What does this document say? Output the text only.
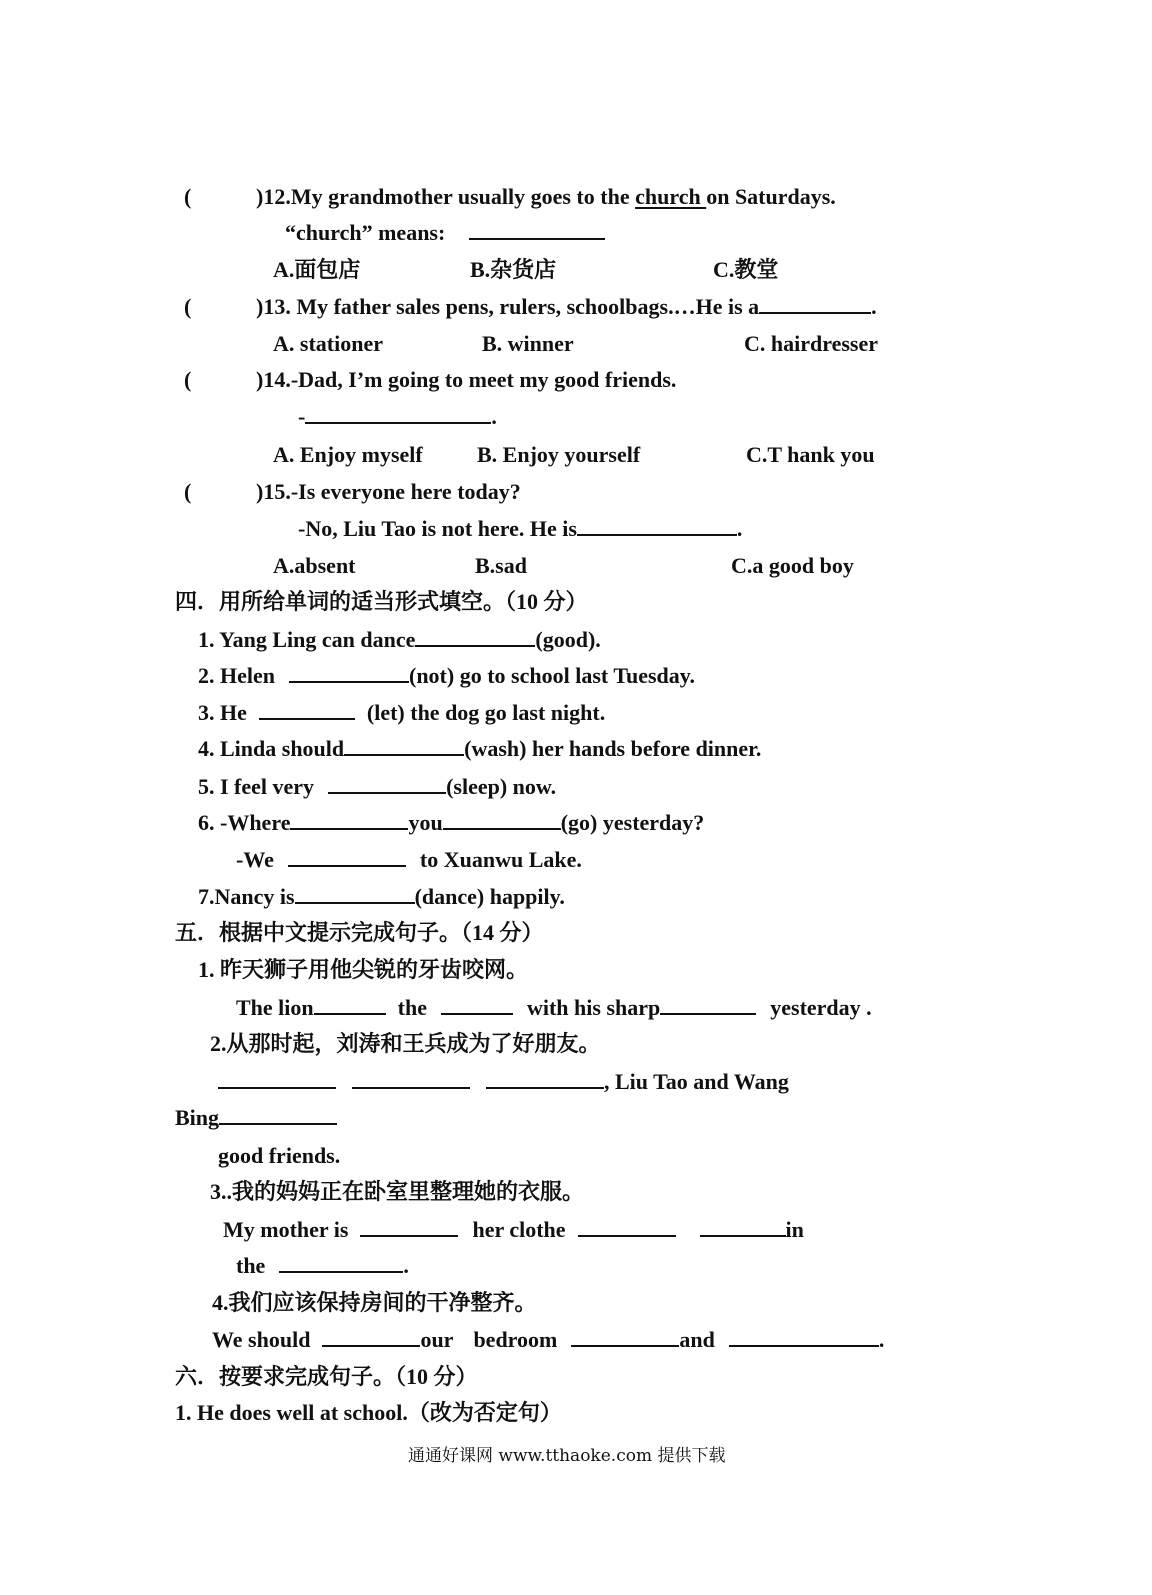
(	)12.My grandmother usually goes to the church on Saturdays.
“church” means:
A.面包店	B.杂货店	C.教堂
(	)13. My father sales pens, rulers, schoolbags.…He is a	.
A. stationer	B. winner	C. hairdresser
(	)14.-Dad, I’m going to meet my good friends.
-	.
A. Enjoy myself B. Enjoy yourself	C.T hank you
(	)15.-Is everyone here today?
-No, Liu Tao is not here. He is	.
A.absent	B.sad	C.a good boy
四．用所给单词的适当形式填空。（10 分）
1. Yang Ling can dance	(good).
2. Helen	(not) go to school last Tuesday.
3. He	(let) the dog go last night.
4. Linda should	(wash) her hands before dinner.
5. I feel very	(sleep) now.
6. -Where	you	(go) yesterday?
-We	to Xuanwu Lake.
7.Nancy is	(dance) happily.
五．根据中文提示完成句子。（14 分）
1. 昨天狮子用他尖锐的牙齿咬网。
The lion	the	with his sharp	yesterday .
2.从那时起，刘涛和王兵成为了好朋友。
, Liu Tao and Wang
Bing
good friends.
3..我的妈妈正在卧室里整理她的衣服。
My mother is	her clothe	in
the	.
4.我们应该保持房间的干净整齐。
We should	our bedroom	and	.
六．按要求完成句子。（10 分）
1. He does well at school.（改为否定句）
通通好课网 www.tthaoke.com 提供下载
